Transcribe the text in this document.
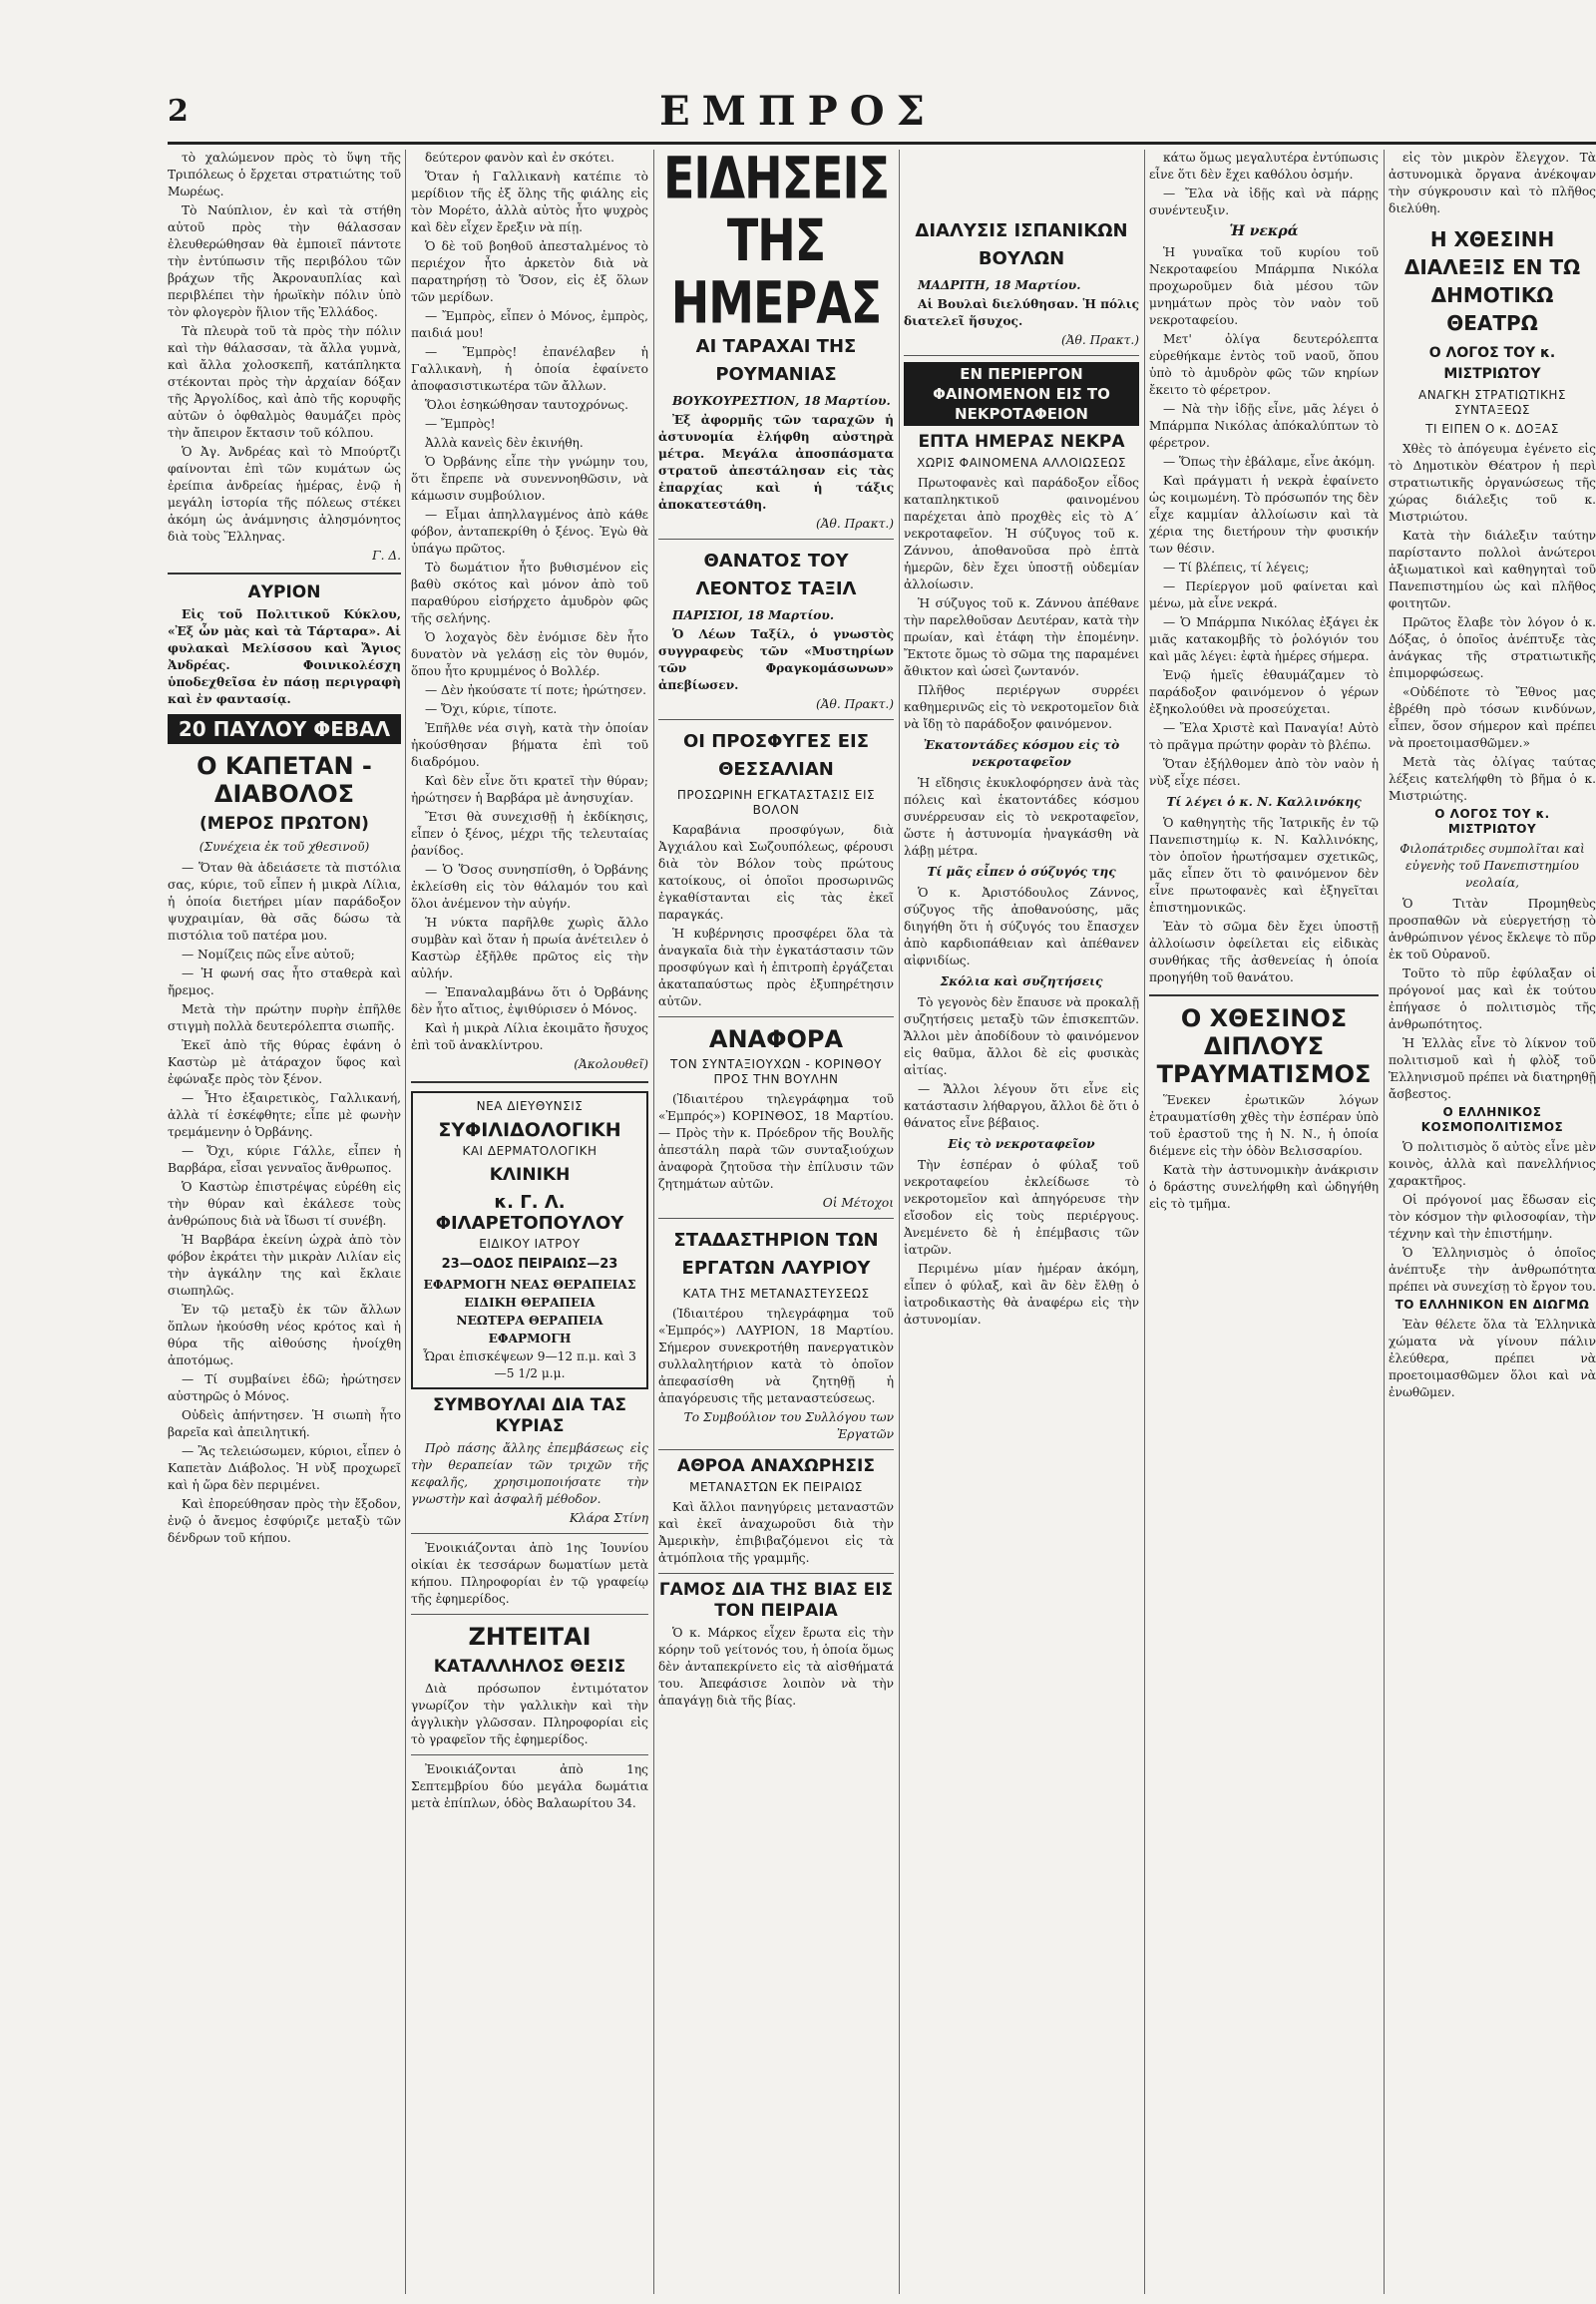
2	ΕΜΠΡΟΣ

τὸ χαλώμενον πρὸς τὸ ὕψη τῆς Τριπόλεως ὁ ἔρχεται στρατιώτης τοῦ Μωρέως.

Τὸ Ναύπλιον, ἐν καὶ τὰ στήθη αὐτοῦ πρὸς τὴν θάλασσαν ἐλευθερώθησαν θὰ ἐμποιεῖ πάντοτε τὴν ἐντύπωσιν τῆς περιβόλου τῶν βράχων τῆς Ἀκροναυπλίας καὶ περιβλέπει τὴν ἡρωϊκὴν πόλιν ὑπὸ τὸν φλογερὸν ἥλιον τῆς Ἑλλάδος.

Τὰ πλευρὰ τοῦ τὰ πρὸς τὴν πόλιν καὶ τὴν θάλασσαν, τὰ ἄλλα γυμνὰ, καὶ ἄλλα χολοσκεπῆ, κατάπληκτα στέκονται πρὸς τὴν ἀρχαίαν δόξαν τῆς Ἀργολίδος, καὶ ἀπὸ τῆς κορυφῆς αὐτῶν ὁ ὀφθαλμὸς θαυμάζει πρὸς τὴν ἄπειρον ἔκτασιν τοῦ κόλπου.

Ὁ Ἀγ. Ἀνδρέας καὶ τὸ Μπούρτζι φαίνονται ἐπὶ τῶν κυμάτων ὡς ἐρείπια ἀνδρείας ἡμέρας, ἐνῷ ἡ μεγάλη ἱστορία τῆς πόλεως στέκει ἀκόμη ὡς ἀνάμνησις ἀλησμόνητος διὰ τοὺς Ἕλληνας.

Γ. Δ.
ΑΥΡΙΟΝ

Εἰς τοῦ Πολιτικοῦ Κύκλου, «Ἐξ ὧν μὰς καὶ τὰ Τάρταρα». Αἱ φυλακαὶ Μελίσσου καὶ Ἄγιος Ἀνδρέας. Φοινικολέσχη ὑποδεχθεῖσα ἐν πάσῃ περιγραφὴ καὶ ἐν φαντασίᾳ.

20 ΠΑΥΛΟΥ ΦΕΒΑΛ
Ο ΚΑΠΕΤΑΝ - ΔΙΑΒΟΛΟΣ
(ΜΕΡΟΣ ΠΡΩΤΟΝ)
(Συνέχεια ἐκ τοῦ χθεσινοῦ)

— Ὅταν θὰ ἀδειάσετε τὰ πιστόλια σας, κύριε, τοῦ εἶπεν ἡ μικρὰ Λίλια, ἡ ὁποία διετήρει μίαν παράδοξον ψυχραιμίαν, θὰ σᾶς δώσω τὰ πιστόλια τοῦ πατέρα μου.

— Νομίζεις πῶς εἶνε αὐτοῦ;

— Ἡ φωνή σας ἦτο σταθερὰ καὶ ἤρεμος.

Μετὰ τὴν πρώτην πυρὴν ἐπῆλθε στιγμὴ πολλὰ δευτερόλεπτα σιωπῆς.

Ἐκεῖ ἀπὸ τῆς θύρας ἐφάνη ὁ Καστὼρ μὲ ἀτάραχον ὕφος καὶ ἐφώναξε πρὸς τὸν ξένον.

— Ἦτο ἐξαιρετικὸς, Γαλλικανή, ἀλλὰ τί ἐσκέφθητε; εἶπε μὲ φωνὴν τρεμάμενην ὁ Ὀρβάνης.

— Ὄχι, κύριε Γάλλε, εἶπεν ἡ Βαρβάρα, εἶσαι γενναῖος ἄνθρωπος.

Ὁ Καστὼρ ἐπιστρέψας εὑρέθη εἰς τὴν θύραν καὶ ἐκάλεσε τοὺς ἀνθρώπους διὰ νὰ ἴδωσι τί συνέβη.

Ἡ Βαρβάρα ἐκείνη ὡχρὰ ἀπὸ τὸν φόβον ἐκράτει τὴν μικρὰν Λιλίαν εἰς τὴν ἀγκάλην της καὶ ἔκλαιε σιωπηλῶς.

Ἐν τῷ μεταξὺ ἐκ τῶν ἄλλων ὅπλων ἠκούσθη νέος κρότος καὶ ἡ θύρα τῆς αἰθούσης ἠνοίχθη ἀποτόμως.

— Τί συμβαίνει ἐδῶ; ἠρώτησεν αὐστηρῶς ὁ Μόνος.

Οὐδεὶς ἀπήντησεν. Ἡ σιωπὴ ἦτο βαρεῖα καὶ ἀπειλητική.

— Ἂς τελειώσωμεν, κύριοι, εἶπεν ὁ Καπετὰν Διάβολος. Ἡ νὺξ προχωρεῖ καὶ ἡ ὥρα δὲν περιμένει.

Καὶ ἐπορεύθησαν πρὸς τὴν ἔξοδον, ἐνῷ ὁ ἄνεμος ἐσφύριζε μεταξὺ τῶν δένδρων τοῦ κήπου.

δεύτερον φανὸν καὶ ἐν σκότει.

Ὅταν ἡ Γαλλικανὴ κατέπιε τὸ μερίδιον τῆς ἐξ ὅλης τῆς φιάλης εἰς τὸν Μορέτο, ἀλλὰ αὐτὸς ἦτο ψυχρὸς καὶ δὲν εἶχεν ἔρεξιν νὰ πίῃ.

Ὁ δὲ τοῦ βοηθοῦ ἀπεσταλμένος τὸ περιέχον ἦτο ἀρκετὸν διὰ νὰ παρατηρήσῃ τὸ Ὅσον, εἰς ἐξ ὅλων τῶν μερίδων.

— Ἔμπρὸς, εἶπεν ὁ Μόνος, ἐμπρὸς, παιδιά μου!

— Ἔμπρὸς! ἐπανέλαβεν ἡ Γαλλικανὴ, ἡ ὁποία ἐφαίνετο ἀποφασιστικωτέρα τῶν ἄλλων.

Ὅλοι ἐσηκώθησαν ταυτοχρόνως.

— Ἔμπρὸς!

Ἀλλὰ κανεὶς δὲν ἐκινήθη.

Ὁ Ὀρβάνης εἶπε τὴν γνώμην του, ὅτι ἔπρεπε νὰ συνεννοηθῶσιν, νὰ κάμωσιν συμβούλιον.

— Εἶμαι ἀπηλλαγμένος ἀπὸ κάθε φόβον, ἀνταπεκρίθη ὁ ξένος. Ἐγὼ θὰ ὑπάγω πρῶτος.

Τὸ δωμάτιον ἦτο βυθισμένον εἰς βαθὺ σκότος καὶ μόνον ἀπὸ τοῦ παραθύρου εἰσήρχετο ἀμυδρὸν φῶς τῆς σελήνης.

Ὁ λοχαγὸς δὲν ἐνόμισε δὲν ἦτο δυνατὸν νὰ γελάσῃ εἰς τὸν θυμόν, ὅπου ἦτο κρυμμένος ὁ Βολλέρ.

— Δὲν ἠκούσατε τί ποτε; ἠρώτησεν.

— Ὄχι, κύριε, τίποτε.

Ἐπῆλθε νέα σιγὴ, κατὰ τὴν ὁποίαν ἠκούσθησαν βήματα ἐπὶ τοῦ διαδρόμου.

Καὶ δὲν εἶνε ὅτι κρατεῖ τὴν θύραν; ἠρώτησεν ἡ Βαρβάρα μὲ ἀνησυχίαν.

Ἔτσι θὰ συνεχισθῇ ἡ ἐκδίκησις, εἶπεν ὁ ξένος, μέχρι τῆς τελευταίας ῥανίδος.

— Ὁ Ὅσος συνησπίσθη, ὁ Ὀρβάνης ἐκλείσθη εἰς τὸν θάλαμόν του καὶ ὅλοι ἀνέμενον τὴν αὐγήν.

Ἡ νύκτα παρῆλθε χωρὶς ἄλλο συμβὰν καὶ ὅταν ἡ πρωία ἀνέτειλεν ὁ Καστὼρ ἐξῆλθε πρῶτος εἰς τὴν αὐλήν.

— Ἐπαναλαμβάνω ὅτι ὁ Ὀρβάνης δὲν ἦτο αἴτιος, ἐψιθύρισεν ὁ Μόνος.

Καὶ ἡ μικρὰ Λίλια ἐκοιμᾶτο ἤσυχος ἐπὶ τοῦ ἀνακλίντρου.

(Ἀκολουθεῖ)
ΝΕΑ ΔΙΕΥΘΥΝΣΙΣ
ΣΥΦΙΛΙΔΟΛΟΓΙΚΗ
ΚΑΙ ΔΕΡΜΑΤΟΛΟΓΙΚΗ
ΚΛΙΝΙΚΗ
κ. Γ. Λ. ΦΙΛΑΡΕΤΟΠΟΥΛΟΥ
ΕΙΔΙΚΟΥ ΙΑΤΡΟΥ
23—ΟΔΟΣ ΠΕΙΡΑΙΩΣ—23
ΕΦΑΡΜΟΓΗ ΝΕΑΣ ΘΕΡΑΠΕΙΑΣ
ΕΙΔΙΚΗ ΘΕΡΑΠΕΙΑ
ΝΕΩΤΕΡΑ ΘΕΡΑΠΕΙΑ
ΕΦΑΡΜΟΓΗ
Ὧραι ἐπισκέψεων 9—12 π.μ. καὶ 3—5 1/2 μ.μ.
ΣΥΜΒΟΥΛΑΙ ΔΙΑ ΤΑΣ ΚΥΡΙΑΣ

Πρὸ πάσης ἄλλης ἐπεμβάσεως εἰς τὴν θεραπείαν τῶν τριχῶν τῆς κεφαλῆς, χρησιμοποιήσατε τὴν γνωστὴν καὶ ἀσφαλῆ μέθοδον.

Κλάρα Στίνη

Ἐνοικιάζονται ἀπὸ 1ης Ἰουνίου οἰκίαι ἐκ τεσσάρων δωματίων μετὰ κήπου. Πληροφορίαι ἐν τῷ γραφείῳ τῆς ἐφημερίδος.

ΖΗΤΕΙΤΑΙ
ΚΑΤΑΛΛΗΛΟΣ ΘΕΣΙΣ

Διὰ πρόσωπον ἐντιμότατον γνωρίζον τὴν γαλλικὴν καὶ τὴν ἀγγλικὴν γλῶσσαν. Πληροφορίαι εἰς τὸ γραφεῖον τῆς ἐφημερίδος.

Ἐνοικιάζονται ἀπὸ 1ης Σεπτεμβρίου δύο μεγάλα δωμάτια μετὰ ἐπίπλων, ὁδὸς Βαλαωρίτου 34.

ΕΙΔΗΣΕΙΣ ΤΗΣ ΗΜΕΡΑΣ
ΑΙ ΤΑΡΑΧΑΙ ΤΗΣ ΡΟΥΜΑΝΙΑΣ
ΒΟΥΚΟΥΡΕΣΤΙΟΝ, 18 Μαρτίου.

Ἐξ ἀφορμῆς τῶν ταραχῶν ἡ ἀστυνομία ἐλήφθη αὐστηρὰ μέτρα. Μεγάλα ἀποσπάσματα στρατοῦ ἀπεστάλησαν εἰς τὰς ἐπαρχίας καὶ ἡ τάξις ἀποκατεστάθη.

(Ἀθ. Πρακτ.)
ΘΑΝΑΤΟΣ ΤΟΥ ΛΕΟΝΤΟΣ ΤΑΞΙΛ
ΠΑΡΙΣΙΟΙ, 18 Μαρτίου.

Ὁ Λέων Ταξίλ, ὁ γνωστὸς συγγραφεὺς τῶν «Μυστηρίων τῶν Φραγκομάσωνων» ἀπεβίωσεν.

(Ἀθ. Πρακτ.)
ΟΙ ΠΡΟΣΦΥΓΕΣ ΕΙΣ ΘΕΣΣΑΛΙΑΝ
ΠΡΟΣΩΡΙΝΗ ΕΓΚΑΤΑΣΤΑΣΙΣ ΕΙΣ ΒΟΛΟΝ

Καραβάνια προσφύγων, διὰ Ἀγχιάλου καὶ Σωζουπόλεως, φέρουσι διὰ τὸν Βόλον τοὺς πρώτους κατοίκους, οἱ ὁποῖοι προσωρινῶς ἐγκαθίστανται εἰς τὰς ἐκεῖ παραγκάς.

Ἡ κυβέρνησις προσφέρει ὅλα τὰ ἀναγκαῖα διὰ τὴν ἐγκατάστασιν τῶν προσφύγων καὶ ἡ ἐπιτροπὴ ἐργάζεται ἀκαταπαύστως πρὸς ἐξυπηρέτησιν αὐτῶν.

ΑΝΑΦΟΡΑ
ΤΟΝ ΣΥΝΤΑΞΙΟΥΧΩΝ - ΚΟΡΙΝΘΟΥ ΠΡΟΣ ΤΗΝ ΒΟΥΛΗΝ

(Ἰδιαιτέρου τηλεγράφημα τοῦ «Ἐμπρός») ΚΟΡΙΝΘΟΣ, 18 Μαρτίου. — Πρὸς τὴν κ. Πρόεδρον τῆς Βουλῆς ἀπεστάλη παρὰ τῶν συνταξιούχων ἀναφορὰ ζητοῦσα τὴν ἐπίλυσιν τῶν ζητημάτων αὐτῶν.

Οἱ Μέτοχοι
ΣΤΑΔΑΣΤΗΡΙΟΝ ΤΩΝ ΕΡΓΑΤΩΝ ΛΑΥΡΙΟΥ
ΚΑΤΑ ΤΗΣ ΜΕΤΑΝΑΣΤΕΥΣΕΩΣ

(Ἰδιαιτέρου τηλεγράφημα τοῦ «Ἐμπρός») ΛΑΥΡΙΟΝ, 18 Μαρτίου. Σήμερον συνεκροτήθη πανεργατικὸν συλλαλητήριον κατὰ τὸ ὁποῖον ἀπεφασίσθη νὰ ζητηθῇ ἡ ἀπαγόρευσις τῆς μεταναστεύσεως.

Το Συμβούλιον του Συλλόγου των Ἐργατῶν
ΑΘΡΟΑ ΑΝΑΧΩΡΗΣΙΣ
ΜΕΤΑΝΑΣΤΩΝ ΕΚ ΠΕΙΡΑΙΩΣ

Καὶ ἄλλοι πανηγύρεις μεταναστῶν καὶ ἐκεῖ ἀναχωροῦσι διὰ τὴν Ἀμερικὴν, ἐπιβιβαζόμενοι εἰς τὰ ἀτμόπλοια τῆς γραμμῆς.

ΓΑΜΟΣ ΔΙΑ ΤΗΣ ΒΙΑΣ ΕΙΣ ΤΟΝ ΠΕΙΡΑΙΑ

Ὁ κ. Μάρκος εἶχεν ἔρωτα εἰς τὴν κόρην τοῦ γείτονός του, ἡ ὁποία ὅμως δὲν ἀνταπεκρίνετο εἰς τὰ αἰσθήματά του. Ἀπεφάσισε λοιπὸν νὰ τὴν ἀπαγάγῃ διὰ τῆς βίας.

ΔΙΑΛΥΣΙΣ ΙΣΠΑΝΙΚΩΝ ΒΟΥΛΩΝ
ΜΑΔΡΙΤΗ, 18 Μαρτίου.

Αἱ Βουλαὶ διελύθησαν. Ἡ πόλις διατελεῖ ἥσυχος.

(Ἀθ. Πρακτ.)
ΕΝ ΠΕΡΙΕΡΓΟΝ ΦΑΙΝΟΜΕΝΟΝ ΕΙΣ ΤΟ ΝΕΚΡΟΤΑΦΕΙΟΝ
ΕΠΤΑ ΗΜΕΡΑΣ ΝΕΚΡΑ
ΧΩΡΙΣ ΦΑΙΝΟΜΕΝΑ ΑΛΛΟΙΩΣΕΩΣ

Πρωτοφανὲς καὶ παράδοξον εἶδος καταπληκτικοῦ φαινομένου παρέχεται ἀπὸ προχθὲς εἰς τὸ Α΄ νεκροταφεῖον. Ἡ σύζυγος τοῦ κ. Ζάννου, ἀποθανοῦσα πρὸ ἑπτὰ ἡμερῶν, δὲν ἔχει ὑποστῇ οὐδεμίαν ἀλλοίωσιν.

Ἡ σύζυγος τοῦ κ. Ζάννου ἀπέθανε τὴν παρελθοῦσαν Δευτέραν, κατὰ τὴν πρωίαν, καὶ ἐτάφη τὴν ἑπομένην. Ἔκτοτε ὅμως τὸ σῶμα της παραμένει ἄθικτον καὶ ὡσεὶ ζωντανόν.

Πλῆθος περιέργων συρρέει καθημερινῶς εἰς τὸ νεκροτομεῖον διὰ νὰ ἴδῃ τὸ παράδοξον φαινόμενον.

Ἐκατοντάδες κόσμου εἰς τὸ νεκροταφεῖον

Ἡ εἴδησις ἐκυκλοφόρησεν ἀνὰ τὰς πόλεις καὶ ἑκατοντάδες κόσμου συνέρρευσαν εἰς τὸ νεκροταφεῖον, ὥστε ἡ ἀστυνομία ἠναγκάσθη νὰ λάβῃ μέτρα.

Τί μᾶς εἶπεν ὁ σύζυγός της

Ὁ κ. Ἀριστόδουλος Ζάννος, σύζυγος τῆς ἀποθανούσης, μᾶς διηγήθη ὅτι ἡ σύζυγός του ἔπασχεν ἀπὸ καρδιοπάθειαν καὶ ἀπέθανεν αἰφνιδίως.

Σκόλια καὶ συζητήσεις

Τὸ γεγονὸς δὲν ἔπαυσε νὰ προκαλῇ συζητήσεις μεταξὺ τῶν ἐπισκεπτῶν. Ἄλλοι μὲν ἀποδίδουν τὸ φαινόμενον εἰς θαῦμα, ἄλλοι δὲ εἰς φυσικὰς αἰτίας.

— Ἄλλοι λέγουν ὅτι εἶνε εἰς κατάστασιν λήθαργου, ἄλλοι δὲ ὅτι ὁ θάνατος εἶνε βέβαιος.

Εἰς τὸ νεκροταφεῖον

Τὴν ἑσπέραν ὁ φύλαξ τοῦ νεκροταφείου ἐκλείδωσε τὸ νεκροτομεῖον καὶ ἀπηγόρευσε τὴν εἴσοδον εἰς τοὺς περιέργους. Ἀνεμένετο δὲ ἡ ἐπέμβασις τῶν ἰατρῶν.

Περιμένω μίαν ἡμέραν ἀκόμη, εἶπεν ὁ φύλαξ, καὶ ἂν δὲν ἔλθῃ ὁ ἰατροδικαστὴς θὰ ἀναφέρω εἰς τὴν ἀστυνομίαν.

κάτω ὅμως μεγαλυτέρα ἐντύπωσις εἶνε ὅτι δὲν ἔχει καθόλου ὀσμήν.

— Ἔλα νὰ ἰδῇς καὶ νὰ πάρῃς συνέντευξιν.

Ἡ νεκρά

Ἡ γυναῖκα τοῦ κυρίου τοῦ Νεκροταφείου Μπάρμπα Νικόλα προχωροῦμεν διὰ μέσου τῶν μνημάτων πρὸς τὸν ναὸν τοῦ νεκροταφείου.

Μετ' ὀλίγα δευτερόλεπτα εὑρεθήκαμε ἐντὸς τοῦ ναοῦ, ὅπου ὑπὸ τὸ ἀμυδρὸν φῶς τῶν κηρίων ἔκειτο τὸ φέρετρον.

— Νὰ τὴν ἰδῇς εἶνε, μᾶς λέγει ὁ Μπάρμπα Νικόλας ἀπόκαλύπτων τὸ φέρετρον.

— Ὅπως τὴν ἐβάλαμε, εἶνε ἀκόμη.

Καὶ πράγματι ἡ νεκρὰ ἐφαίνετο ὡς κοιμωμένη. Τὸ πρόσωπόν της δὲν εἶχε καμμίαν ἀλλοίωσιν καὶ τὰ χέρια της διετήρουν τὴν φυσικήν των θέσιν.

— Τί βλέπεις, τί λέγεις;

— Περίεργον μοῦ φαίνεται καὶ μένω, μὰ εἶνε νεκρά.

— Ὁ Μπάρμπα Νικόλας ἐξάγει ἐκ μιᾶς κατακομβῆς τὸ ῥολόγιόν του καὶ μᾶς λέγει: ἐφτὰ ἡμέρες σήμερα.

Ἐνῷ ἡμεῖς ἐθαυμάζαμεν τὸ παράδοξον φαινόμενον ὁ γέρων ἐξηκολούθει νὰ προσεύχεται.

— Ἔλα Χριστὲ καὶ Παναγία! Αὐτὸ τὸ πρᾶγμα πρώτην φορὰν τὸ βλέπω.

Ὅταν ἐξήλθομεν ἀπὸ τὸν ναὸν ἡ νὺξ εἶχε πέσει.

Τί λέγει ὁ κ. Ν. Καλλινόκης

Ὁ καθηγητὴς τῆς Ἰατρικῆς ἐν τῷ Πανεπιστημίῳ κ. Ν. Καλλινόκης, τὸν ὁποῖον ἠρωτήσαμεν σχετικῶς, μᾶς εἶπεν ὅτι τὸ φαινόμενον δὲν εἶνε πρωτοφανὲς καὶ ἐξηγεῖται ἐπιστημονικῶς.

Ἐὰν τὸ σῶμα δὲν ἔχει ὑποστῇ ἀλλοίωσιν ὀφείλεται εἰς εἰδικὰς συνθήκας τῆς ἀσθενείας ἡ ὁποία προηγήθη τοῦ θανάτου.

Ο ΧΘΕΣΙΝΟΣ ΔΙΠΛΟΥΣ ΤΡΑΥΜΑΤΙΣΜΟΣ

Ἕνεκεν ἐρωτικῶν λόγων ἐτραυματίσθη χθὲς τὴν ἑσπέραν ὑπὸ τοῦ ἐραστοῦ της ἡ Ν. Ν., ἡ ὁποία διέμενε εἰς τὴν ὁδὸν Βελισσαρίου.

Κατὰ τὴν ἀστυνομικὴν ἀνάκρισιν ὁ δράστης συνελήφθη καὶ ὡδηγήθη εἰς τὸ τμῆμα.

εἰς τὸν μικρὸν ἔλεγχον. Τὰ ἀστυνομικὰ ὄργανα ἀνέκοψαν τὴν σύγκρουσιν καὶ τὸ πλῆθος διελύθη.

Η ΧΘΕΣΙΝΗ ΔΙΑΛΕΞΙΣ ΕΝ ΤΩ ΔΗΜΟΤΙΚΩ ΘΕΑΤΡΩ
Ο ΛΟΓΟΣ ΤΟΥ κ. ΜΙΣΤΡΙΩΤΟΥ
ΑΝΑΓΚΗ ΣΤΡΑΤΙΩΤΙΚΗΣ ΣΥΝΤΑΞΕΩΣ
ΤΙ ΕΙΠΕΝ Ο κ. ΔΟΞΑΣ

Χθὲς τὸ ἀπόγευμα ἐγένετο εἰς τὸ Δημοτικὸν Θέατρον ἡ περὶ στρατιωτικῆς ὀργανώσεως τῆς χώρας διάλεξις τοῦ κ. Μιστριώτου.

Κατὰ τὴν διάλεξιν ταύτην παρίσταντο πολλοὶ ἀνώτεροι ἀξιωματικοὶ καὶ καθηγηταὶ τοῦ Πανεπιστημίου ὡς καὶ πλῆθος φοιτητῶν.

Πρῶτος ἔλαβε τὸν λόγον ὁ κ. Δόξας, ὁ ὁποῖος ἀνέπτυξε τὰς ἀνάγκας τῆς στρατιωτικῆς ἐπιμορφώσεως.

«Οὐδέποτε τὸ Ἔθνος μας ἐβρέθη πρὸ τόσων κινδύνων, εἶπεν, ὅσον σήμερον καὶ πρέπει νὰ προετοιμασθῶμεν.»

Μετὰ τὰς ὀλίγας ταύτας λέξεις κατελήφθη τὸ βῆμα ὁ κ. Μιστριώτης.

Ο ΛΟΓΟΣ ΤΟΥ κ. ΜΙΣΤΡΙΩΤΟΥ
Φιλοπάτριδες συμπολῖται καὶ εὐγενὴς τοῦ Πανεπιστημίου νεολαία,

Ὁ Τιτὰν Προμηθεὺς προσπαθῶν νὰ εὐεργετήσῃ τὸ ἀνθρώπινον γένος ἔκλεψε τὸ πῦρ ἐκ τοῦ Οὐρανοῦ.

Τοῦτο τὸ πῦρ ἐφύλαξαν οἱ πρόγονοί μας καὶ ἐκ τούτου ἐπήγασε ὁ πολιτισμὸς τῆς ἀνθρωπότητος.

Ἡ Ἑλλὰς εἶνε τὸ λίκνον τοῦ πολιτισμοῦ καὶ ἡ φλὸξ τοῦ Ἑλληνισμοῦ πρέπει νὰ διατηρηθῇ ἄσβεστος.

Ο ΕΛΛΗΝΙΚΟΣ ΚΟΣΜΟΠΟΛΙΤΙΣΜΟΣ

Ὁ πολιτισμὸς ὅ αὐτὸς εἶνε μὲν κοινὸς, ἀλλὰ καὶ πανελλήνιος χαρακτῆρος.

Οἱ πρόγονοί μας ἔδωσαν εἰς τὸν κόσμον τὴν φιλοσοφίαν, τὴν τέχνην καὶ τὴν ἐπιστήμην.

Ὁ Ἑλληνισμὸς ὁ ὁποῖος ἀνέπτυξε τὴν ἀνθρωπότητα πρέπει νὰ συνεχίσῃ τὸ ἔργον του.

ΤΟ ΕΛΛΗΝΙΚΟΝ ΕΝ ΔΙΩΓΜΩ

Ἐὰν θέλετε ὅλα τὰ Ἑλληνικὰ χώματα νὰ γίνουν πάλιν ἐλεύθερα, πρέπει νὰ προετοιμασθῶμεν ὅλοι καὶ νὰ ἐνωθῶμεν.
